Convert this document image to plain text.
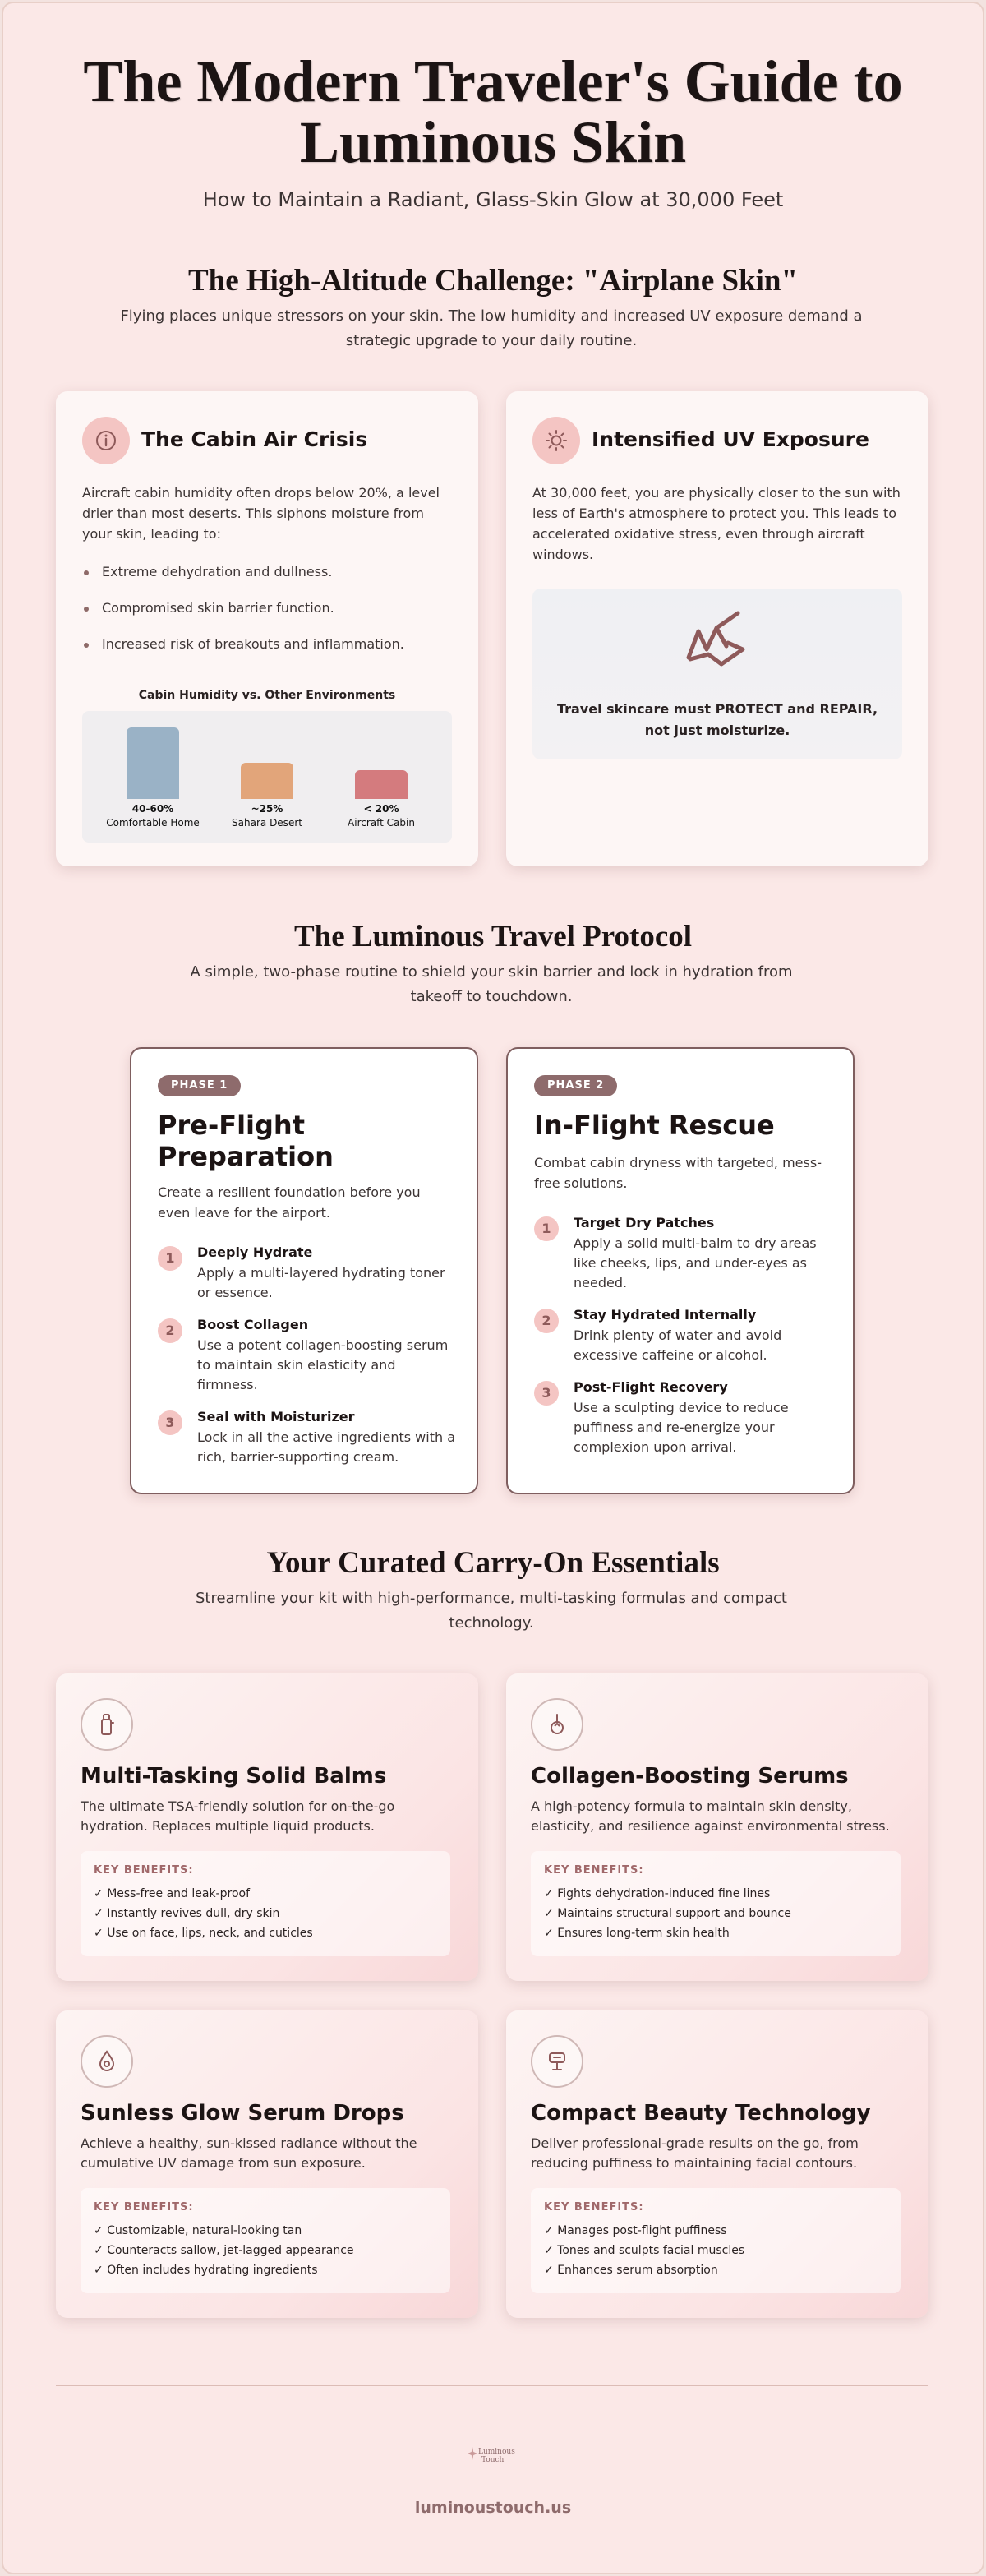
The Modern Traveler's Guide to
Luminous Skin
How to Maintain a Radiant, Glass-Skin Glow at 30,000 Feet
The High-Altitude Challenge: "Airplane Skin"
Flying places unique stressors on your skin. The low humidity and increased UV exposure demand a strategic upgrade to your daily routine.
The Cabin Air Crisis
Aircraft cabin humidity often drops below 20%, a level drier than most deserts. This siphons moisture from your skin, leading to:
Extreme dehydration and dullness.
Compromised skin barrier function.
Increased risk of breakouts and inflammation.
Cabin Humidity vs. Other Environments
40-60%
Comfortable Home
~25%
Sahara Desert
< 20%
Aircraft Cabin
Intensified UV Exposure
At 30,000 feet, you are physically closer to the sun with less of Earth's atmosphere to protect you. This leads to accelerated oxidative stress, even through aircraft windows.
Travel skincare must PROTECT and REPAIR, not just moisturize.
The Luminous Travel Protocol
A simple, two-phase routine to shield your skin barrier and lock in hydration from takeoff to touchdown.
PHASE 1
Pre-Flight
Preparation
Create a resilient foundation before you even leave for the airport.
1	Deeply Hydrate
Apply a multi-layered hydrating toner or essence.
2	Boost Collagen
Use a potent collagen-boosting serum to maintain skin elasticity and firmness.
3	Seal with Moisturizer
Lock in all the active ingredients with a rich, barrier-supporting cream.
PHASE 2
In-Flight Rescue
Combat cabin dryness with targeted, mess-free solutions.
1	Target Dry Patches
Apply a solid multi-balm to dry areas like cheeks, lips, and under-eyes as needed.
2	Stay Hydrated Internally
Drink plenty of water and avoid excessive caffeine or alcohol.
3	Post-Flight Recovery
Use a sculpting device to reduce puffiness and re-energize your complexion upon arrival.
Your Curated Carry-On Essentials
Streamline your kit with high-performance, multi-tasking formulas and compact technology.
Multi-Tasking Solid Balms
The ultimate TSA-friendly solution for on-the-go hydration. Replaces multiple liquid products.
KEY BENEFITS:
✓ Mess-free and leak-proof
✓ Instantly revives dull, dry skin
✓ Use on face, lips, neck, and cuticles
Collagen-Boosting Serums
A high-potency formula to maintain skin density, elasticity, and resilience against environmental stress.
KEY BENEFITS:
✓ Fights dehydration-induced fine lines
✓ Maintains structural support and bounce
✓ Ensures long-term skin health
Sunless Glow Serum Drops
Achieve a healthy, sun-kissed radiance without the cumulative UV damage from sun exposure.
KEY BENEFITS:
✓ Customizable, natural-looking tan
✓ Counteracts sallow, jet-lagged appearance
✓ Often includes hydrating ingredients
Compact Beauty Technology
Deliver professional-grade results on the go, from reducing puffiness to maintaining facial contours.
KEY BENEFITS:
✓ Manages post-flight puffiness
✓ Tones and sculpts facial muscles
✓ Enhances serum absorption
Luminous
Touch
luminoustouch.us
